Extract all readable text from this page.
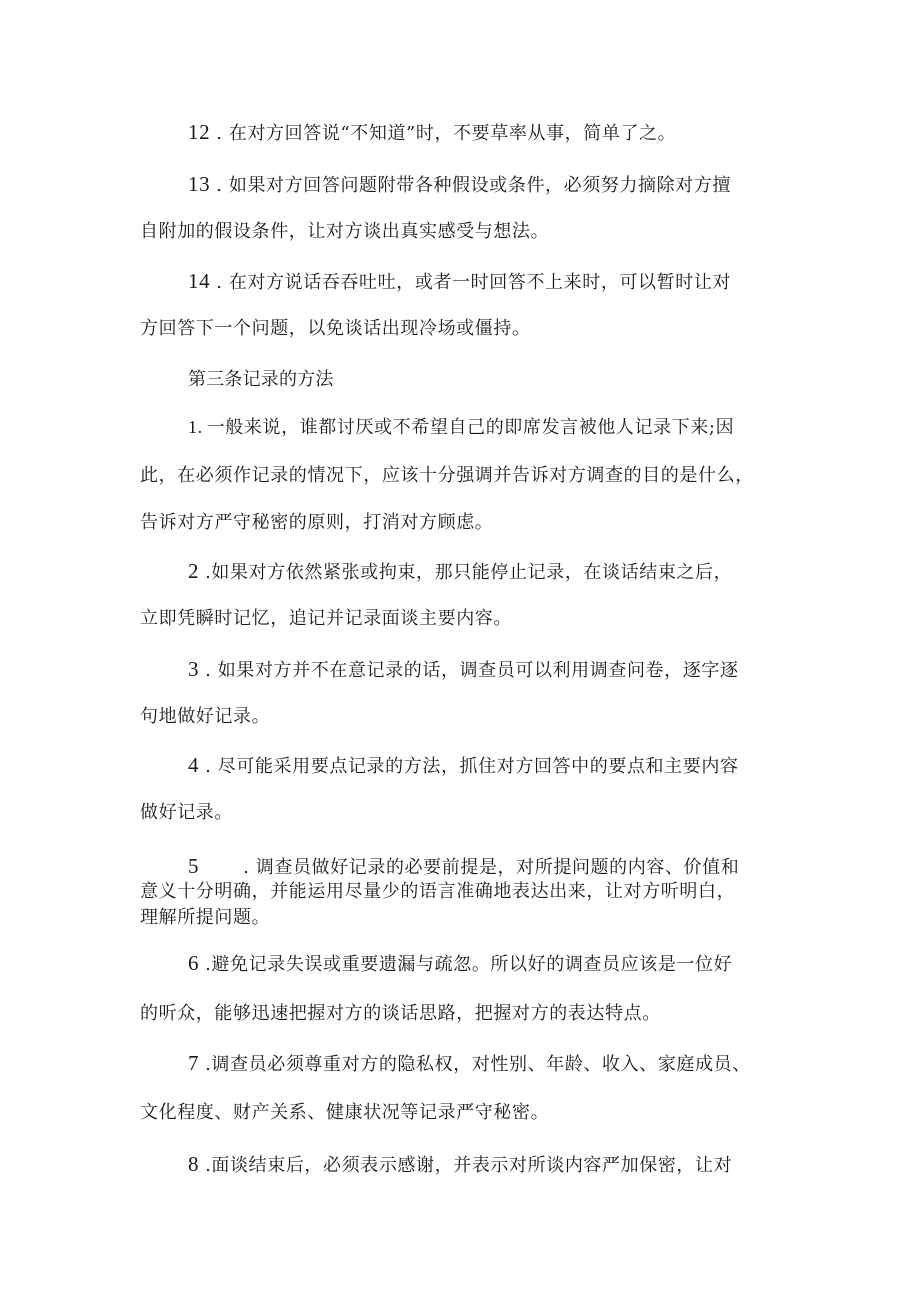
12 . 在对方回答说“不知道”时，不要草率从事，简单了之。
13 . 如果对方回答问题附带各种假设或条件，必须努力摘除对方擅
自附加的假设条件，让对方谈出真实感受与想法。
14 . 在对方说话吞吞吐吐，或者一时回答不上来时，可以暂时让对
方回答下一个问题，以免谈话出现冷场或僵持。
第三条记录的方法
1. 一般来说，谁都讨厌或不希望自己的即席发言被他人记录下来;因
此，在必须作记录的情况下，应该十分强调并告诉对方调查的目的是什么，
告诉对方严守秘密的原则，打消对方顾虑。
2 .如果对方依然紧张或拘束，那只能停止记录，在谈话结束之后，
立即凭瞬时记忆，追记并记录面谈主要内容。
3 . 如果对方并不在意记录的话，调查员可以利用调查问卷，逐字逐
句地做好记录。
4 . 尽可能采用要点记录的方法，抓住对方回答中的要点和主要内容
做好记录。
5 . 调查员做好记录的必要前提是，对所提问题的内容、价值和
意义十分明确，并能运用尽量少的语言准确地表达出来，让对方听明白，
理解所提问题。
6 .避免记录失误或重要遗漏与疏忽。所以好的调查员应该是一位好
的听众，能够迅速把握对方的谈话思路，把握对方的表达特点。
7 .调查员必须尊重对方的隐私权，对性别、年龄、收入、家庭成员、
文化程度、财产关系、健康状况等记录严守秘密。
8 .面谈结束后，必须表示感谢，并表示对所谈内容严加保密，让对
